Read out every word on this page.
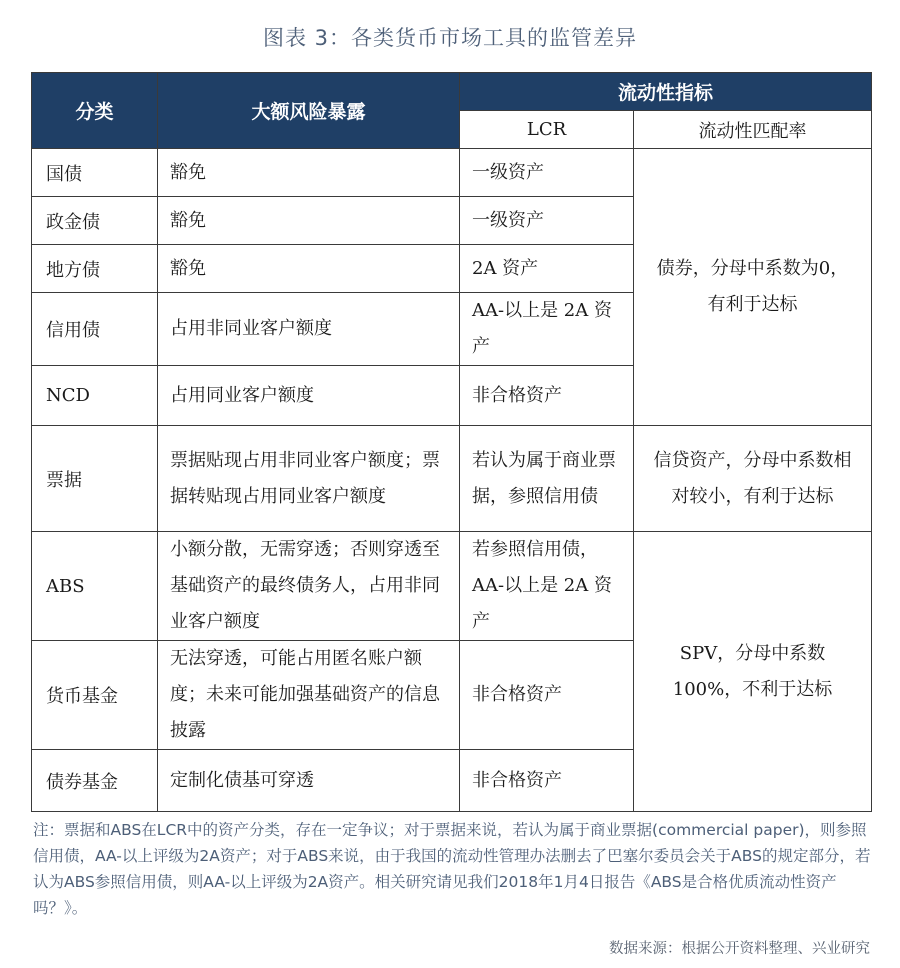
图表 3：各类货币市场工具的监管差异
分类	大额风险暴露	流动性指标	
		LCR	流动性匹配率
国债	豁免	一级资产	债券，分母中系数为0，有利于达标
政金债	豁免	一级资产	
地方债	豁免	2A 资产	
信用债	占用非同业客户额度	AA-以上是 2A 资产	
NCD	占用同业客户额度	非合格资产	
票据	票据贴现占用非同业客户额度；票据转贴现占用同业客户额度	若认为属于商业票据，参照信用债	信贷资产，分母中系数相对较小，有利于达标
ABS	小额分散，无需穿透；否则穿透至基础资产的最终债务人，占用非同业客户额度	若参照信用债，AA-以上是 2A 资产	SPV，分母中系数100%，不利于达标
货币基金	无法穿透，可能占用匿名账户额度；未来可能加强基础资产的信息披露	非合格资产	
债券基金	定制化债基可穿透	非合格资产	
注：票据和ABS在LCR中的资产分类，存在一定争议；对于票据来说，若认为属于商业票据(commercial paper)，则参照信用债，AA-以上评级为2A资产；对于ABS来说，由于我国的流动性管理办法删去了巴塞尔委员会关于ABS的规定部分，若认为ABS参照信用债，则AA-以上评级为2A资产。相关研究请见我们2018年1月4日报告《ABS是合格优质流动性资产吗？》。
数据来源：根据公开资料整理、兴业研究
